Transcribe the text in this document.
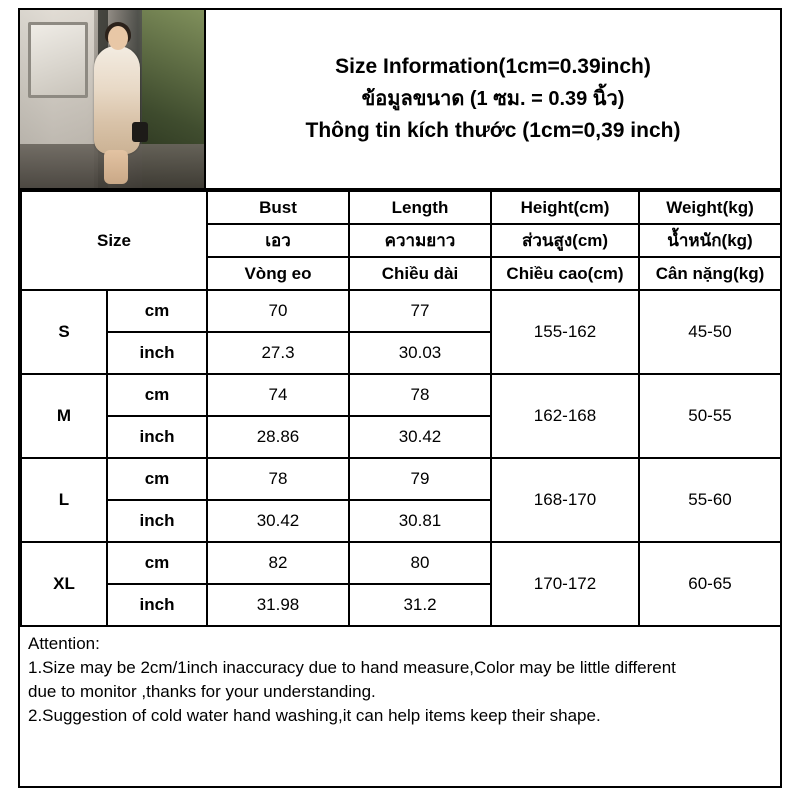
Size Information(1cm=0.39inch)
ข้อมูลขนาด (1 ซม. = 0.39 นิ้ว)
Thông tin kích thước (1cm=0,39 inch)
Size		Bust	Length	Height(cm)	Weight(kg)
		เอว	ความยาว	ส่วนสูง(cm)	น้ำหนัก(kg)
		Vòng eo	Chiều dài	Chiều cao(cm)	Cân nặng(kg)
S	cm	70	77	155-162	45-50
	inch	27.3	30.03		
M	cm	74	78	162-168	50-55
	inch	28.86	30.42		
L	cm	78	79	168-170	55-60
	inch	30.42	30.81		
XL	cm	82	80	170-172	60-65
	inch	31.98	31.2		
Attention:
1.Size may be 2cm/1inch inaccuracy due to hand measure,Color may be little different
due to monitor ,thanks for your understanding.
2.Suggestion of cold water hand washing,it can help items keep their shape.
